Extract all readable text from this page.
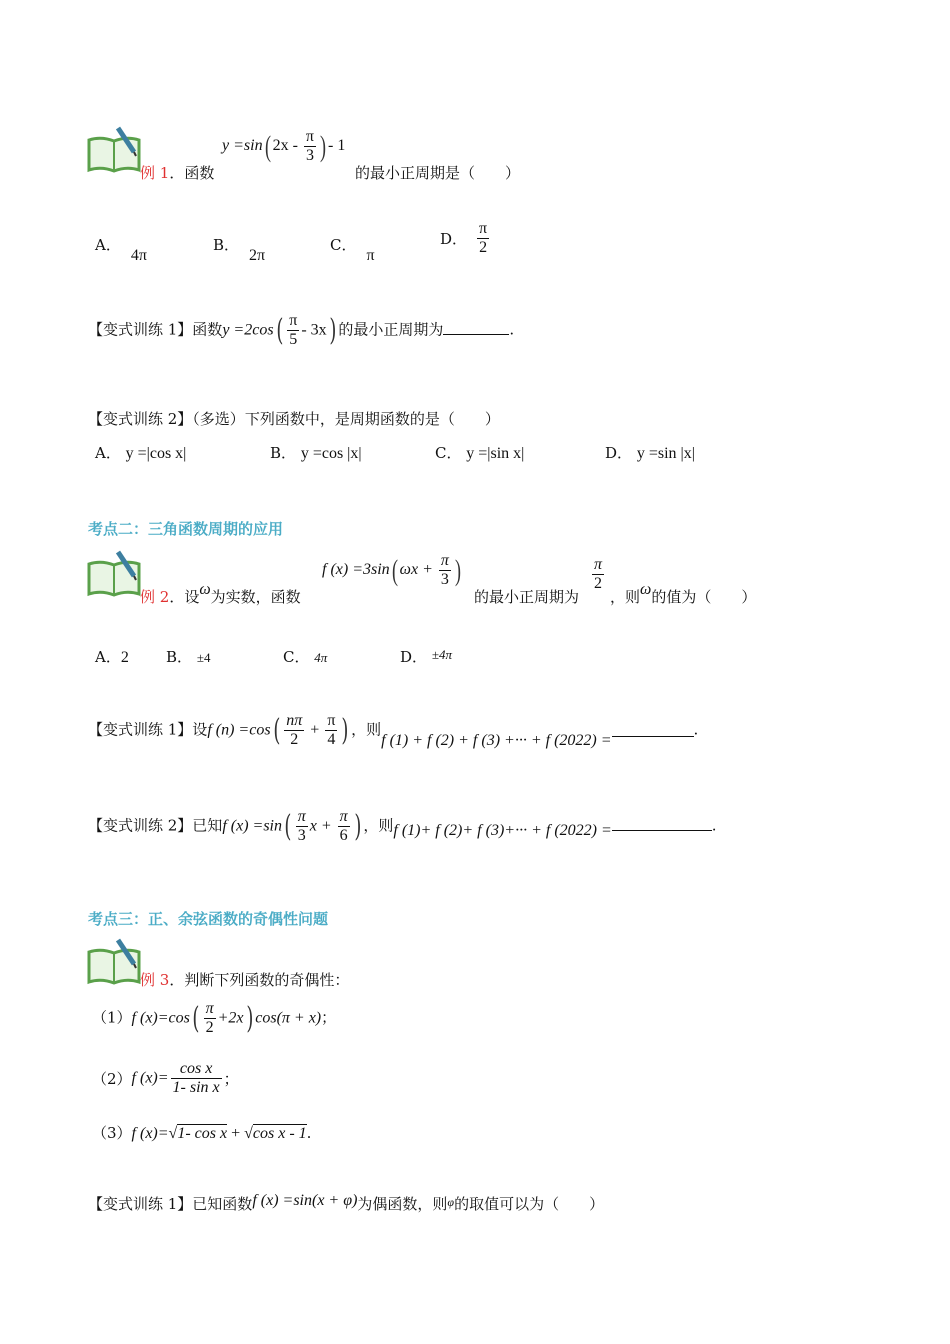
y =sin( $2x - \frac{\pi}{3}$ ) - 1
例 1．函数	的最小正周期是（　　）
A．4π
B．2π
C．π
D． $\frac{\pi}{2}$
【变式训练 1】函数$y =2\cos( \frac{\pi}{5} - 3x)$ 的最小正周期为	.
【变式训练 2】（多选）下列函数中，是周期函数的是（　　）
A． y =|cos x|	B． y =cos |x|	C． y =|sin x|	D． y =sin |x|
考点二：三角函数周期的应用
例 2．设ω为实数，函数
f (x) =3sin( $\omega x + \frac{\pi}{3}$ )
的最小正周期为
$\frac{\pi}{2}$
，则ω的值为（　　）
A．2 B． ±4	C． 4π	D． ±4π
【变式训练 1】设f $(n) =\cos( \frac{n\pi}{2} + \frac{\pi}{4}$ ) ，则f (1) + f (2) + f (3) +··· + f (2022) =.
【变式训练 2】已知f $(x) =\sin( \frac{\pi}{3}$ $x + \frac{\pi}{6}$ ) ，则f (1)+ f (2)+ f (3)+··· + f (2022) =	.
考点三：正、余弦函数的奇偶性问题
例 3．判断下列函数的奇偶性：
（1）f $(x)=\cos( \frac{\pi}{2} +2x)$ cos(π + x)；
（2）f $(x)= \frac{\text{cos x}}{\text{1- sin x}}$ ；
（3）f (x)=√1- cos x + √cos x - 1.
【变式训练 1】已知函数f (x) =sin(x + φ)为偶函数，则$^\varphi$的取值可以为（　　）
